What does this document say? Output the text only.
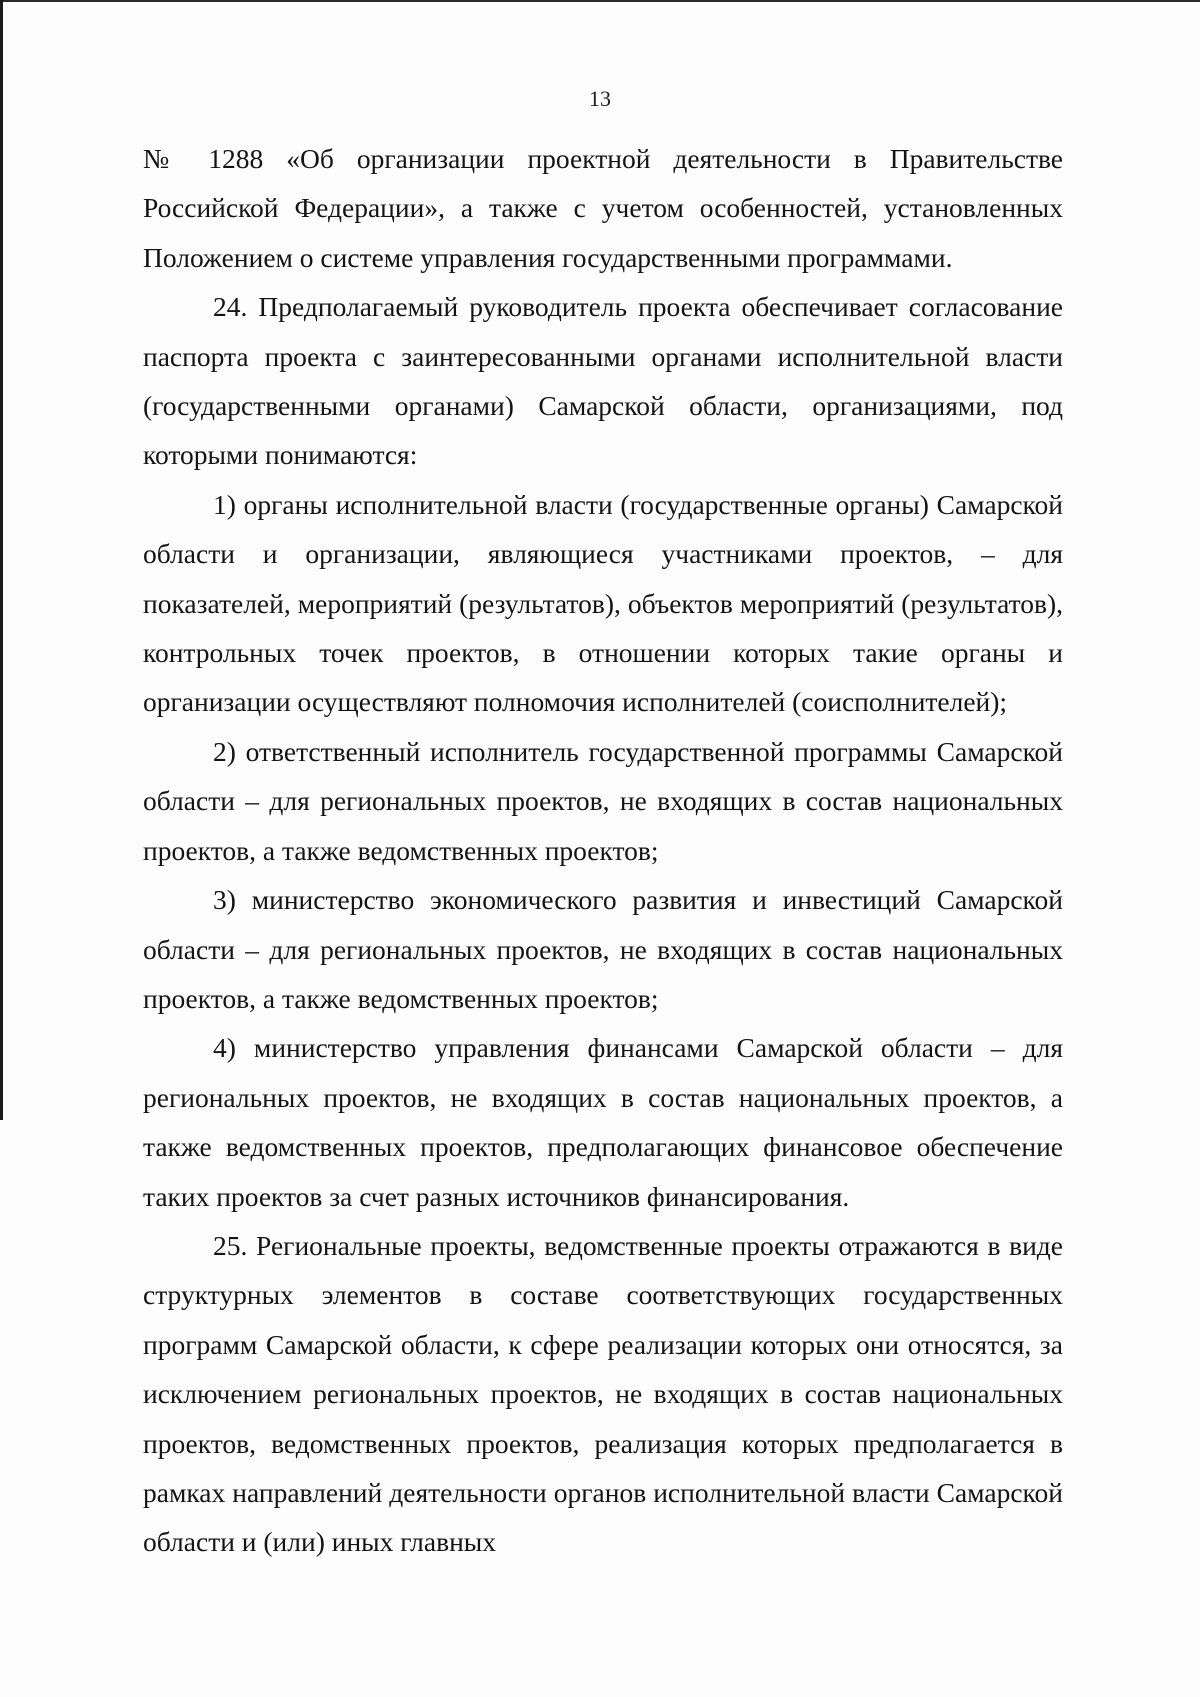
13

№ 1288 «Об организации проектной деятельности в Правительстве Российской Федерации», а также с учетом особенностей, установленных Положением о системе управления государственными программами.

24. Предполагаемый руководитель проекта обеспечивает согласование паспорта проекта с заинтересованными органами исполнительной власти (государственными органами) Самарской области, организациями, под которыми понимаются:

1) органы исполнительной власти (государственные органы) Самарской области и организации, являющиеся участниками проектов, – для показателей, мероприятий (результатов), объектов мероприятий (результатов), контрольных точек проектов, в отношении которых такие органы и организации осуществляют полномочия исполнителей (соисполнителей);

2) ответственный исполнитель государственной программы Самарской области – для региональных проектов, не входящих в состав национальных проектов, а также ведомственных проектов;

3) министерство экономического развития и инвестиций Самарской области – для региональных проектов, не входящих в состав национальных проектов, а также ведомственных проектов;

4) министерство управления финансами Самарской области – для региональных проектов, не входящих в состав национальных проектов, а также ведомственных проектов, предполагающих финансовое обеспечение таких проектов за счет разных источников финансирования.

25. Региональные проекты, ведомственные проекты отражаются в виде структурных элементов в составе соответствующих государственных программ Самарской области, к сфере реализации которых они относятся, за исключением региональных проектов, не входящих в состав национальных проектов, ведомственных проектов, реализация которых предполагается в рамках направлений деятельности органов исполнительной власти Самарской области и (или) иных главных
